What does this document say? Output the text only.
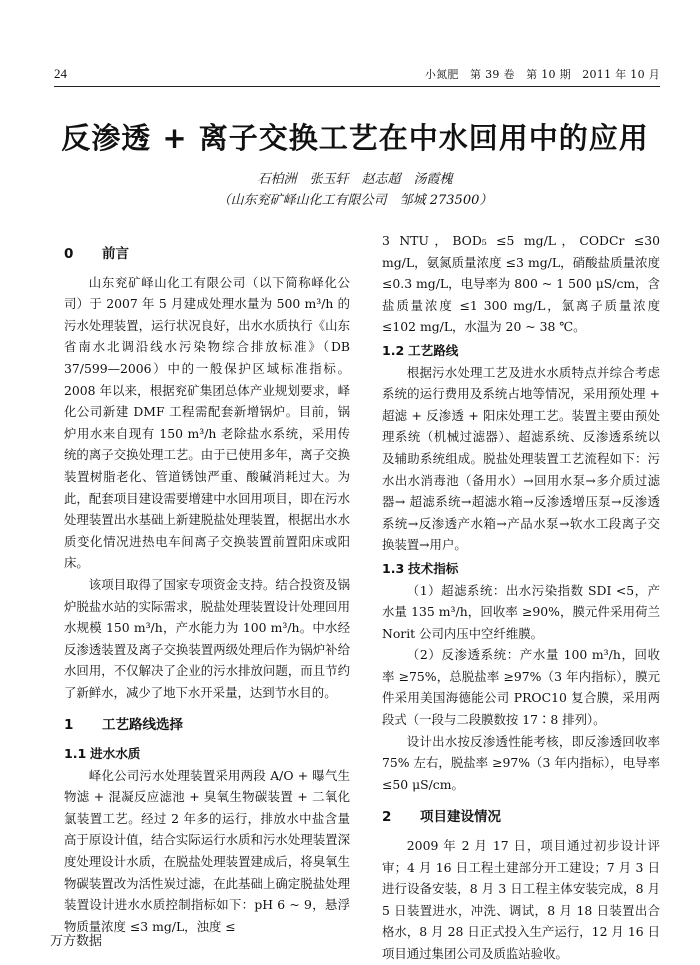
24	小氮肥　第 39 卷　第 10 期　2011 年 10 月
反渗透 + 离子交换工艺在中水回用中的应用
石柏洲　张玉轩　赵志超　汤霞槐
（山东兖矿峄山化工有限公司　邹城 273500）
0 前言

山东兖矿峄山化工有限公司（以下简称峄化公司）于 2007 年 5 月建成处理水量为 500 m³/h 的污水处理装置，运行状况良好，出水水质执行《山东省南水北调沿线水污染物综合排放标准》（DB 37/599—2006）中的一般保护区域标准指标。2008 年以来，根据兖矿集团总体产业规划要求，峄化公司新建 DMF 工程需配套新增锅炉。目前，锅炉用水来自现有 150 m³/h 老除盐水系统，采用传统的离子交换处理工艺。由于已使用多年，离子交换装置树脂老化、管道锈蚀严重、酸碱消耗过大。为此，配套项目建设需要增建中水回用项目，即在污水处理装置出水基础上新建脱盐处理装置，根据出水水质变化情况进热电车间离子交换装置前置阳床或阳床。

该项目取得了国家专项资金支持。结合投资及锅炉脱盐水站的实际需求，脱盐处理装置设计处理回用水规模 150 m³/h，产水能力为 100 m³/h。中水经反渗透装置及离子交换装置两级处理后作为锅炉补给水回用，不仅解决了企业的污水排放问题，而且节约了新鲜水，减少了地下水开采量，达到节水目的。

1 工艺路线选择
1.1 进水水质

峄化公司污水处理装置采用两段 A/O + 曝气生物滤 + 混凝反应滤池 + 臭氧生物碳装置 + 二氧化氯装置工艺。经过 2 年多的运行，排放水中盐含量高于原设计值，结合实际运行水质和污水处理装置深度处理设计水质，在脱盐处理装置建成后，将臭氧生物碳装置改为活性炭过滤，在此基础上确定脱盐处理装置设计进水水质控制指标如下：pH 6 ~ 9，悬浮物质量浓度 ≤3 mg/L，浊度 ≤

3 NTU，BOD₅ ≤5 mg/L，CODCr ≤30 mg/L，氨氮质量浓度 ≤3 mg/L，硝酸盐质量浓度 ≤0.3 mg/L，电导率为 800 ~ 1 500 μS/cm，含盐质量浓度 ≤1 300 mg/L，氯离子质量浓度 ≤102 mg/L，水温为 20 ~ 38 ℃。

1.2 工艺路线

根据污水处理工艺及进水水质特点并综合考虑系统的运行费用及系统占地等情况，采用预处理 + 超滤 + 反渗透 + 阳床处理工艺。装置主要由预处理系统（机械过滤器）、超滤系统、反渗透系统以及辅助系统组成。脱盐处理装置工艺流程如下：污水出水消毒池（备用水）→回用水泵→多介质过滤器→ 超滤系统→超滤水箱→反渗透增压泵→反渗透系统→反渗透产水箱→产品水泵→软水工段离子交换装置→用户。

1.3 技术指标

（1）超滤系统：出水污染指数 SDI <5，产水量 135 m³/h，回收率 ≥90%，膜元件采用荷兰 Norit 公司内压中空纤维膜。

（2）反渗透系统：产水量 100 m³/h，回收率 ≥75%，总脱盐率 ≥97%（3 年内指标），膜元件采用美国海德能公司 PROC10 复合膜，采用两段式（一段与二段膜数按 17∶8 排列）。

设计出水按反渗透性能考核，即反渗透回收率 75% 左右，脱盐率 ≥97%（3 年内指标），电导率 ≤50 μS/cm。

2 项目建设情况

2009 年 2 月 17 日，项目通过初步设计评审；4 月 16 日工程土建部分开工建设；7 月 3 日进行设备安装，8 月 3 日工程主体安装完成，8 月 5 日装置进水，冲洗、调试，8 月 18 日装置出合格水，8 月 28 日正式投入生产运行，12 月 16 日项目通过集团公司及质监站验收。

万方数据
